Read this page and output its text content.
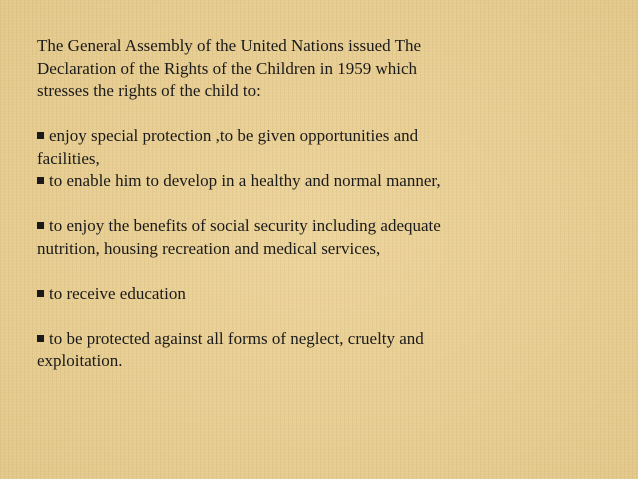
The General Assembly of the United Nations issued The
Declaration of the Rights of the Children in 1959 which
stresses the rights of the child to:

enjoy special protection ,to be given opportunities and
facilities,

to enable him to develop in a healthy and normal manner,

to enjoy the benefits of social security including adequate
nutrition, housing recreation and medical services,

to receive education

to be protected against all forms of neglect, cruelty and
exploitation.
